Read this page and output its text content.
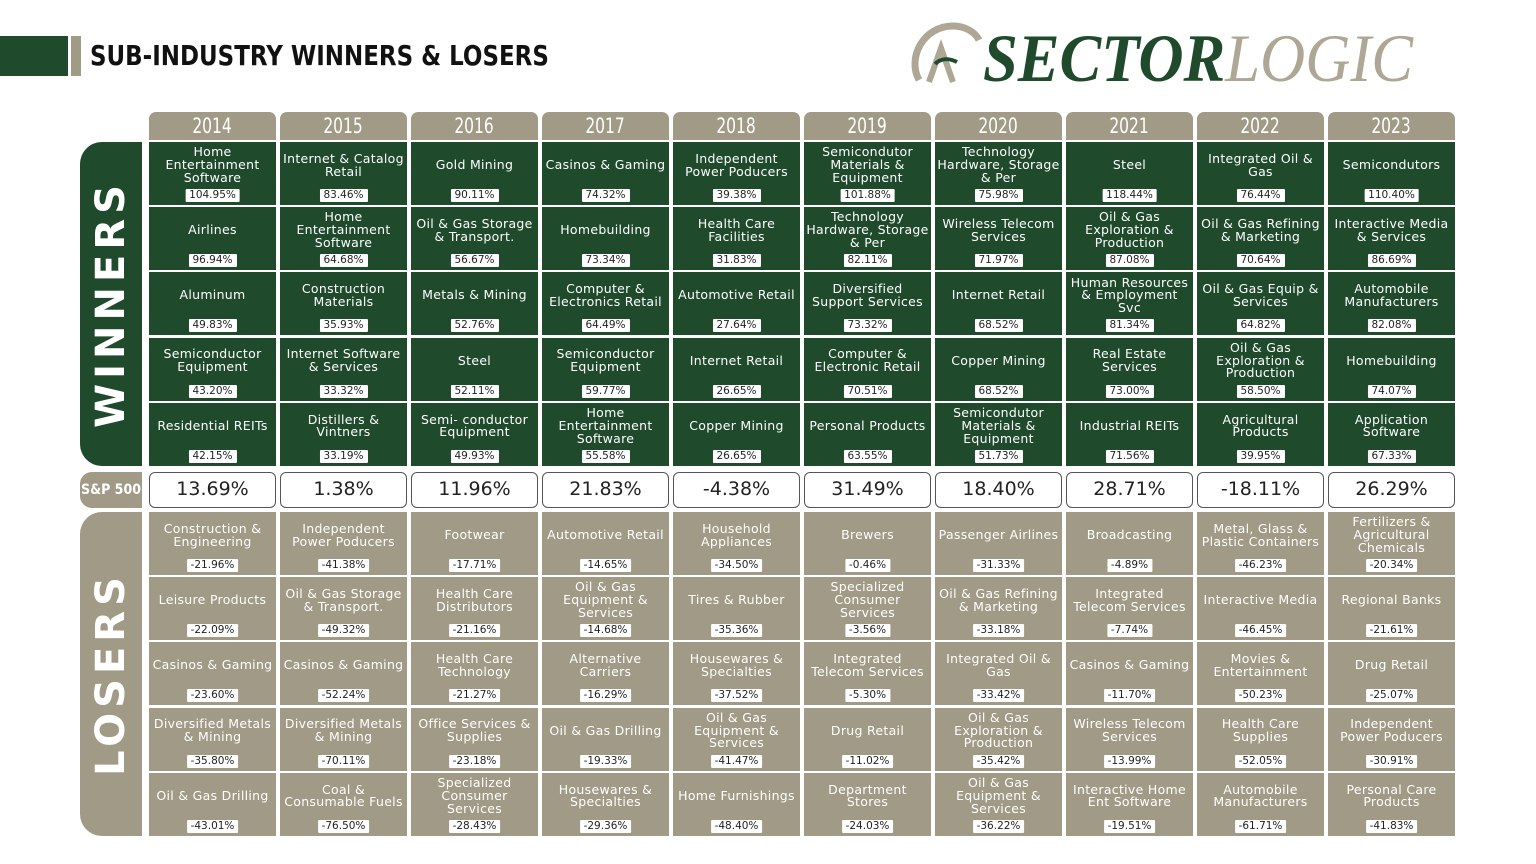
SUB-INDUSTRY WINNERS & LOSERS	SECTORLOGIC
WINNERS
S&P 500
LOSERS
2014
13.69%
Home Entertainment Software
104.95%
Airlines
96.94%
Aluminum
49.83%
Semiconductor Equipment
43.20%
Residential REITs
42.15%
Construction & Engineering
-21.96%
Leisure Products
-22.09%
Casinos & Gaming
-23.60%
Diversified Metals & Mining
-35.80%
Oil & Gas Drilling
-43.01%
2015
1.38%
Internet & Catalog Retail
83.46%
Home Entertainment Software
64.68%
Construction Materials
35.93%
Internet Software & Services
33.32%
Distillers & Vintners
33.19%
Independent Power Poducers
-41.38%
Oil & Gas Storage & Transport.
-49.32%
Casinos & Gaming
-52.24%
Diversified Metals & Mining
-70.11%
Coal & Consumable Fuels
-76.50%
2016
11.96%
Gold Mining
90.11%
Oil & Gas Storage & Transport.
56.67%
Metals & Mining
52.76%
Steel
52.11%
Semi- conductor Equipment
49.93%
Footwear
-17.71%
Health Care Distributors
-21.16%
Health Care Technology
-21.27%
Office Services & Supplies
-23.18%
Specialized Consumer Services
-28.43%
2017
21.83%
Casinos & Gaming
74.32%
Homebuilding
73.34%
Computer & Electronics Retail
64.49%
Semiconductor Equipment
59.77%
Home Entertainment Software
55.58%
Automotive Retail
-14.65%
Oil & Gas Equipment & Services
-14.68%
Alternative Carriers
-16.29%
Oil & Gas Drilling
-19.33%
Housewares & Specialties
-29.36%
2018
-4.38%
Independent Power Poducers
39.38%
Health Care Facilities
31.83%
Automotive Retail
27.64%
Internet Retail
26.65%
Copper Mining
26.65%
Household Appliances
-34.50%
Tires & Rubber
-35.36%
Housewares & Specialties
-37.52%
Oil & Gas Equipment & Services
-41.47%
Home Furnishings
-48.40%
2019
31.49%
Semicondutor Materials & Equipment
101.88%
Technology Hardware, Storage & Per
82.11%
Diversified Support Services
73.32%
Computer & Electronic Retail
70.51%
Personal Products
63.55%
Brewers
-0.46%
Specialized Consumer Services
-3.56%
Integrated Telecom Services
-5.30%
Drug Retail
-11.02%
Department Stores
-24.03%
2020
18.40%
Technology Hardware, Storage & Per
75.98%
Wireless Telecom Services
71.97%
Internet Retail
68.52%
Copper Mining
68.52%
Semicondutor Materials & Equipment
51.73%
Passenger Airlines
-31.33%
Oil & Gas Refining & Marketing
-33.18%
Integrated Oil & Gas
-33.42%
Oil & Gas Exploration & Production
-35.42%
Oil & Gas Equipment & Services
-36.22%
2021
28.71%
Steel
118.44%
Oil & Gas Exploration & Production
87.08%
Human Resources & Employment Svc
81.34%
Real Estate Services
73.00%
Industrial REITs
71.56%
Broadcasting
-4.89%
Integrated Telecom Services
-7.74%
Casinos & Gaming
-11.70%
Wireless Telecom Services
-13.99%
Interactive Home Ent Software
-19.51%
2022
-18.11%
Integrated Oil & Gas
76.44%
Oil & Gas Refining & Marketing
70.64%
Oil & Gas Equip & Services
64.82%
Oil & Gas Exploration & Production
58.50%
Agricultural Products
39.95%
Metal, Glass & Plastic Containers
-46.23%
Interactive Media
-46.45%
Movies & Entertainment
-50.23%
Health Care Supplies
-52.05%
Automobile Manufacturers
-61.71%
2023
26.29%
Semicondutors
110.40%
Interactive Media & Services
86.69%
Automobile Manufacturers
82.08%
Homebuilding
74.07%
Application Software
67.33%
Fertilizers & Agricultural Chemicals
-20.34%
Regional Banks
-21.61%
Drug Retail
-25.07%
Independent Power Poducers
-30.91%
Personal Care Products
-41.83%
